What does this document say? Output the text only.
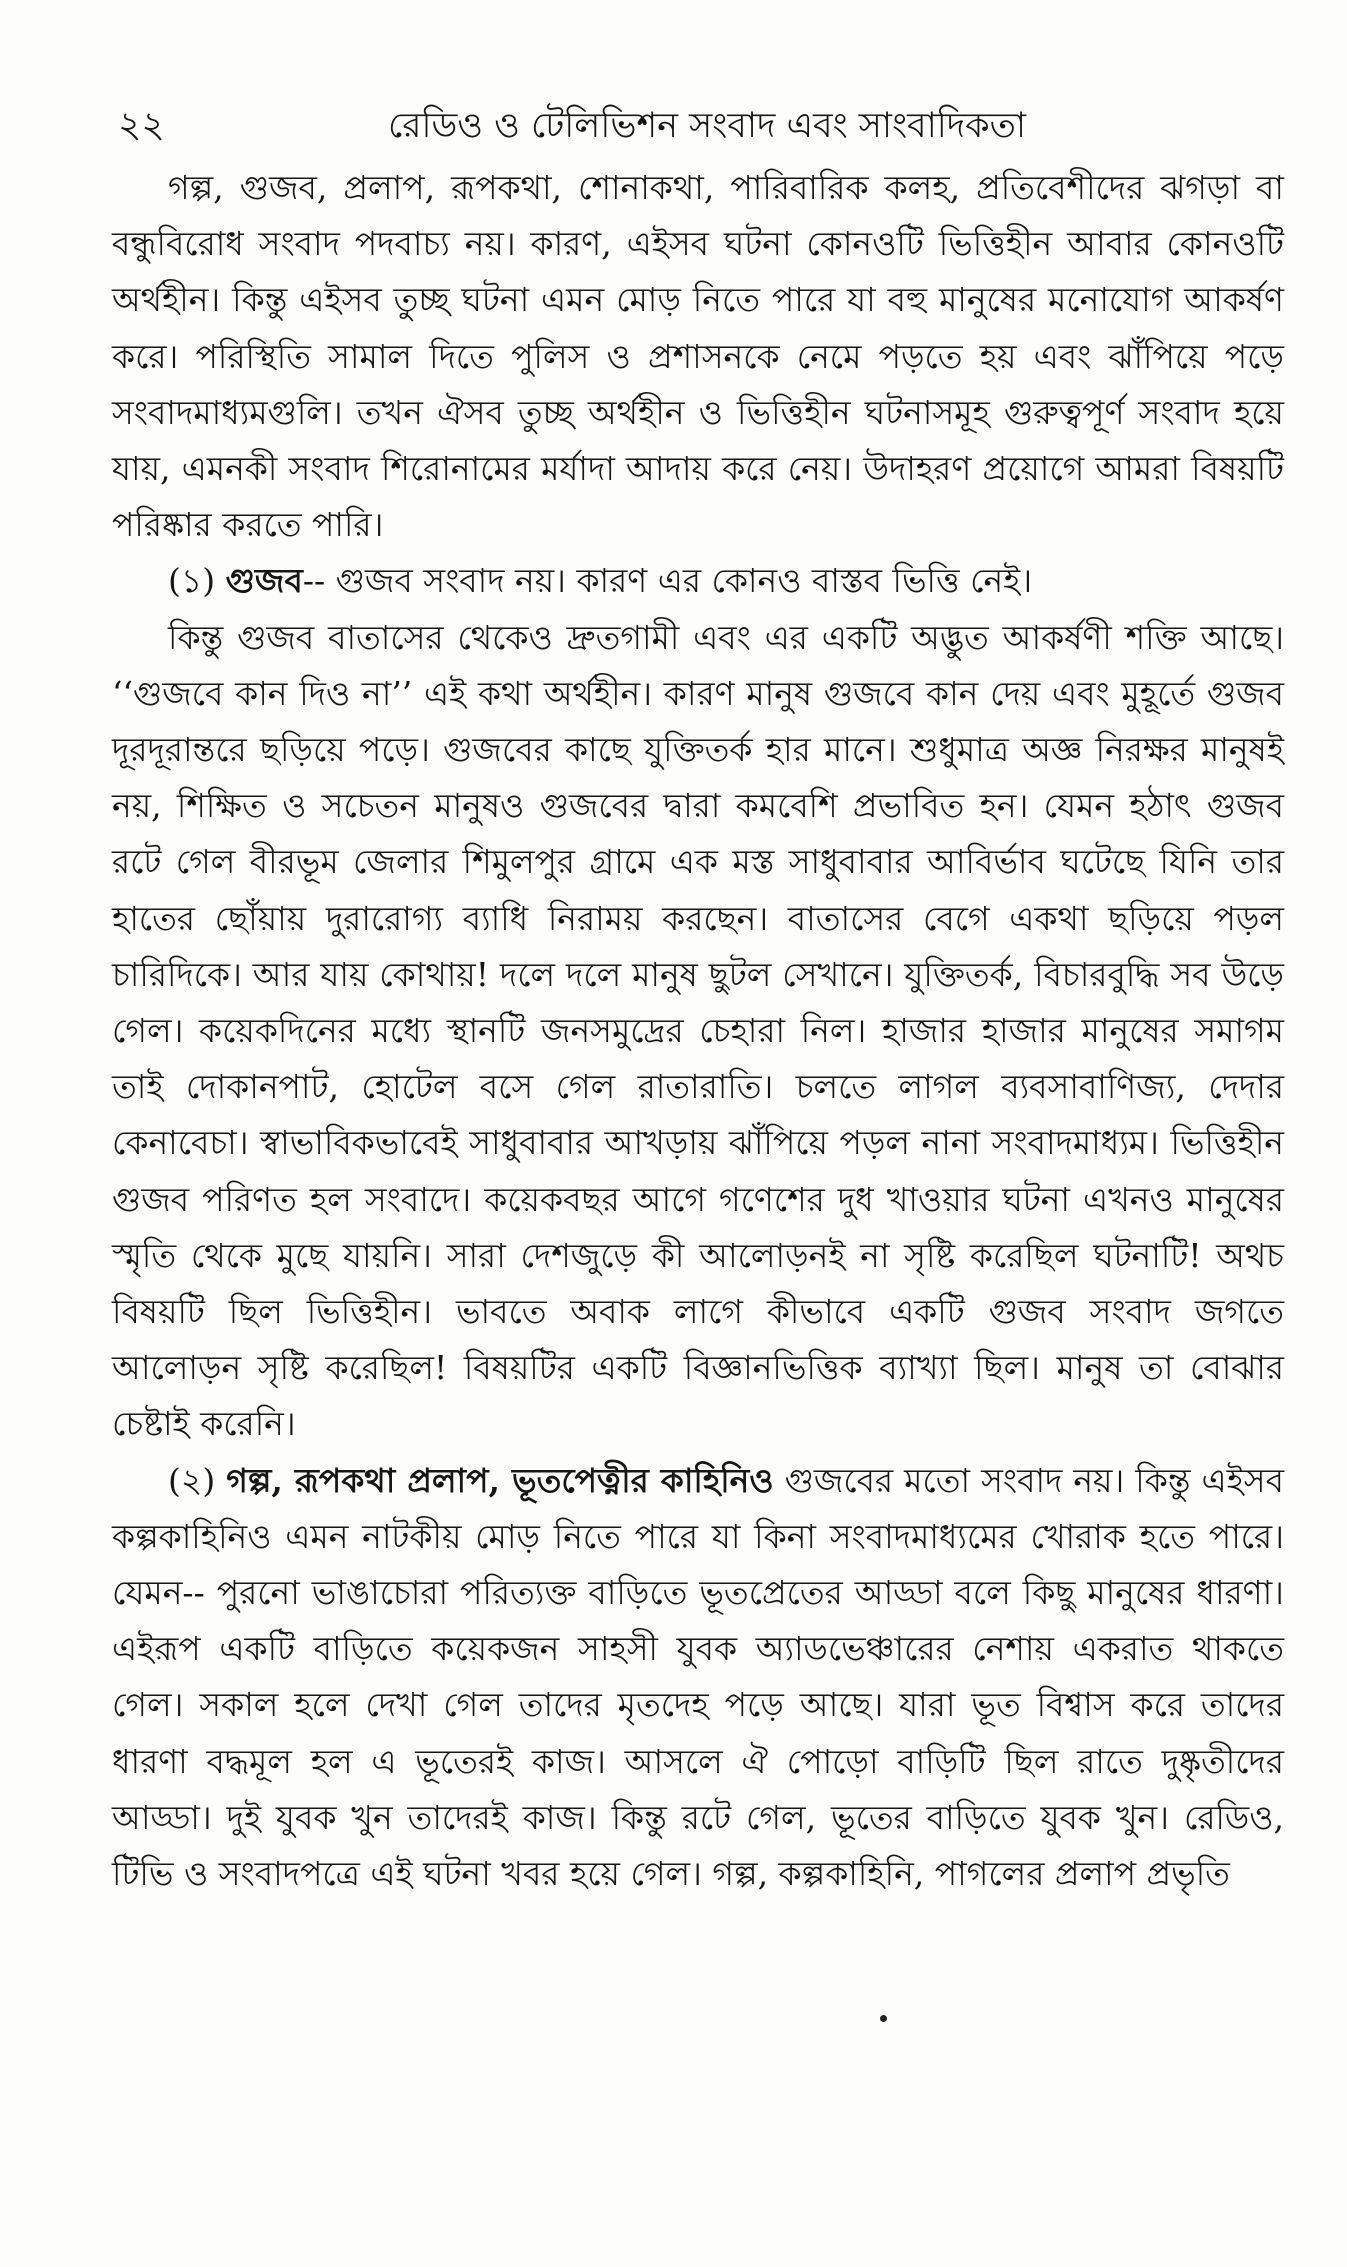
২২	রেডিও ও টেলিভিশন সংবাদ এবং সাংবাদিকতা

গল্প, গুজব, প্রলাপ, রূপকথা, শোনাকথা, পারিবারিক কলহ, প্রতিবেশীদের ঝগড়া বা বন্ধুবিরোধ সংবাদ পদবাচ্য নয়। কারণ, এইসব ঘটনা কোনওটি ভিত্তিহীন আবার কোনওটি অর্থহীন। কিন্তু এইসব তুচ্ছ ঘটনা এমন মোড় নিতে পারে যা বহু মানুষের মনোযোগ আকর্ষণ করে। পরিস্থিতি সামাল দিতে পুলিস ও প্রশাসনকে নেমে পড়তে হয় এবং ঝাঁপিয়ে পড়ে সংবাদমাধ্যমগুলি। তখন ঐসব তুচ্ছ অর্থহীন ও ভিত্তিহীন ঘটনাসমূহ গুরুত্বপূর্ণ সংবাদ হয়ে যায়, এমনকী সংবাদ শিরোনামের মর্যাদা আদায় করে নেয়। উদাহরণ প্রয়োগে আমরা বিষয়টি পরিষ্কার করতে পারি।

(১) গুজব-- গুজব সংবাদ নয়। কারণ এর কোনও বাস্তব ভিত্তি নেই।

কিন্তু গুজব বাতাসের থেকেও দ্রুতগামী এবং এর একটি অদ্ভুত আকর্ষণী শক্তি আছে। ‘‘গুজবে কান দিও না’’ এই কথা অর্থহীন। কারণ মানুষ গুজবে কান দেয় এবং মুহূর্তে গুজব দূরদূরান্তরে ছড়িয়ে পড়ে। গুজবের কাছে যুক্তিতর্ক হার মানে। শুধুমাত্র অজ্ঞ নিরক্ষর মানুষই নয়, শিক্ষিত ও সচেতন মানুষও গুজবের দ্বারা কমবেশি প্রভাবিত হন। যেমন হঠাৎ গুজব রটে গেল বীরভূম জেলার শিমুলপুর গ্রামে এক মস্ত সাধুবাবার আবির্ভাব ঘটেছে যিনি তার হাতের ছোঁয়ায় দুরারোগ্য ব্যাধি নিরাময় করছেন। বাতাসের বেগে একথা ছড়িয়ে পড়ল চারিদিকে। আর যায় কোথায়! দলে দলে মানুষ ছুটল সেখানে। যুক্তিতর্ক, বিচারবুদ্ধি সব উড়ে গেল। কয়েকদিনের মধ্যে স্থানটি জনসমুদ্রের চেহারা নিল। হাজার হাজার মানুষের সমাগম তাই দোকানপাট, হোটেল বসে গেল রাতারাতি। চলতে লাগল ব্যবসাবাণিজ্য, দেদার কেনাবেচা। স্বাভাবিকভাবেই সাধুবাবার আখড়ায় ঝাঁপিয়ে পড়ল নানা সংবাদমাধ্যম। ভিত্তিহীন গুজব পরিণত হল সংবাদে। কয়েকবছর আগে গণেশের দুধ খাওয়ার ঘটনা এখনও মানুষের স্মৃতি থেকে মুছে যায়নি। সারা দেশজুড়ে কী আলোড়নই না সৃষ্টি করেছিল ঘটনাটি! অথচ বিষয়টি ছিল ভিত্তিহীন। ভাবতে অবাক লাগে কীভাবে একটি গুজব সংবাদ জগতে আলোড়ন সৃষ্টি করেছিল! বিষয়টির একটি বিজ্ঞানভিত্তিক ব্যাখ্যা ছিল। মানুষ তা বোঝার চেষ্টাই করেনি।

(২) গল্প, রূপকথা প্রলাপ, ভূতপেত্নীর কাহিনিও গুজবের মতো সংবাদ নয়। কিন্তু এইসব কল্পকাহিনিও এমন নাটকীয় মোড় নিতে পারে যা কিনা সংবাদমাধ্যমের খোরাক হতে পারে। যেমন-- পুরনো ভাঙাচোরা পরিত্যক্ত বাড়িতে ভূতপ্রেতের আড্ডা বলে কিছু মানুষের ধারণা। এইরূপ একটি বাড়িতে কয়েকজন সাহসী যুবক অ্যাডভেঞ্চারের নেশায় একরাত থাকতে গেল। সকাল হলে দেখা গেল তাদের মৃতদেহ পড়ে আছে। যারা ভূত বিশ্বাস করে তাদের ধারণা বদ্ধমূল হল এ ভূতেরই কাজ। আসলে ঐ পোড়ো বাড়িটি ছিল রাতে দুষ্কৃতীদের আড্ডা। দুই যুবক খুন তাদেরই কাজ। কিন্তু রটে গেল, ভূতের বাড়িতে যুবক খুন। রেডিও, টিভি ও সংবাদপত্রে এই ঘটনা খবর হয়ে গেল। গল্প, কল্পকাহিনি, পাগলের প্রলাপ প্রভৃতি
